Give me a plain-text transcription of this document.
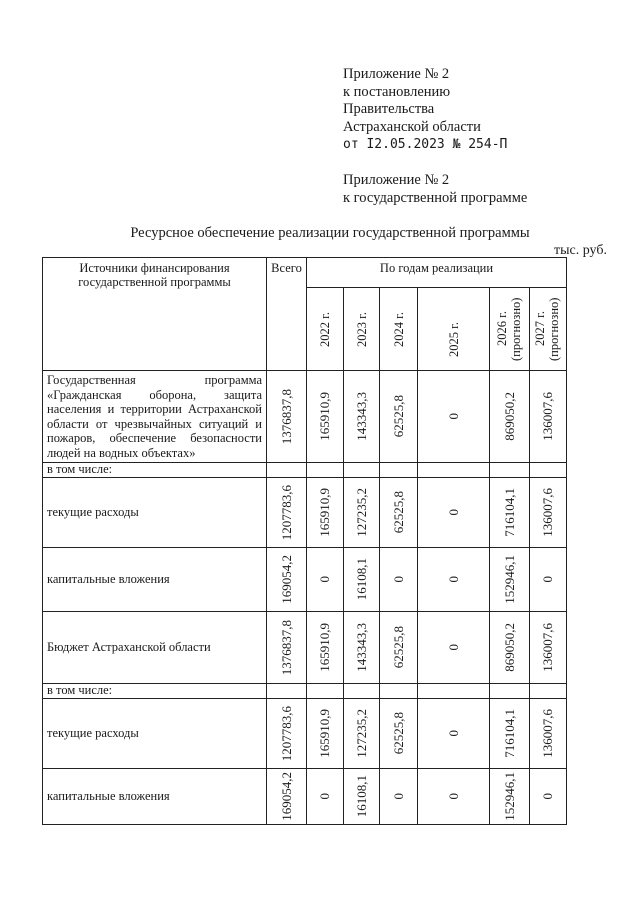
Приложение № 2
к постановлению
Правительства
Астраханской области
от I2.05.2023 № 254-П
Приложение № 2
к государственной программе
Ресурсное обеспечение реализации государственной программы
тыс. руб.
Источники финансирования государственной программы	Всего	По годам реализации					

		2022 г.	2023 г.	2024 г.	2025 г.	2026 г. (прогнозно)	2027 г. (прогнозно)

Государственная программа «Гражданская оборона, защита населения и территории Астраханской области от чрезвычайных ситуаций и пожаров, обеспечение безопасности людей на водных объектах»	1376837,8	165910,9	143343,3	62525,8	0	869050,2	136007,6

в том числе:							
текущие расходы	1207783,6	165910,9	127235,2	62525,8	0	716104,1	136007,6

капитальные вложения	169054,2	0	16108,1	0	0	152946,1	0

Бюджет Астраханской области	1376837,8	165910,9	143343,3	62525,8	0	869050,2	136007,6

в том числе:							
текущие расходы	1207783,6	165910,9	127235,2	62525,8	0	716104,1	136007,6

капитальные вложения	169054,2	0	16108,1	0	0	152946,1	0
